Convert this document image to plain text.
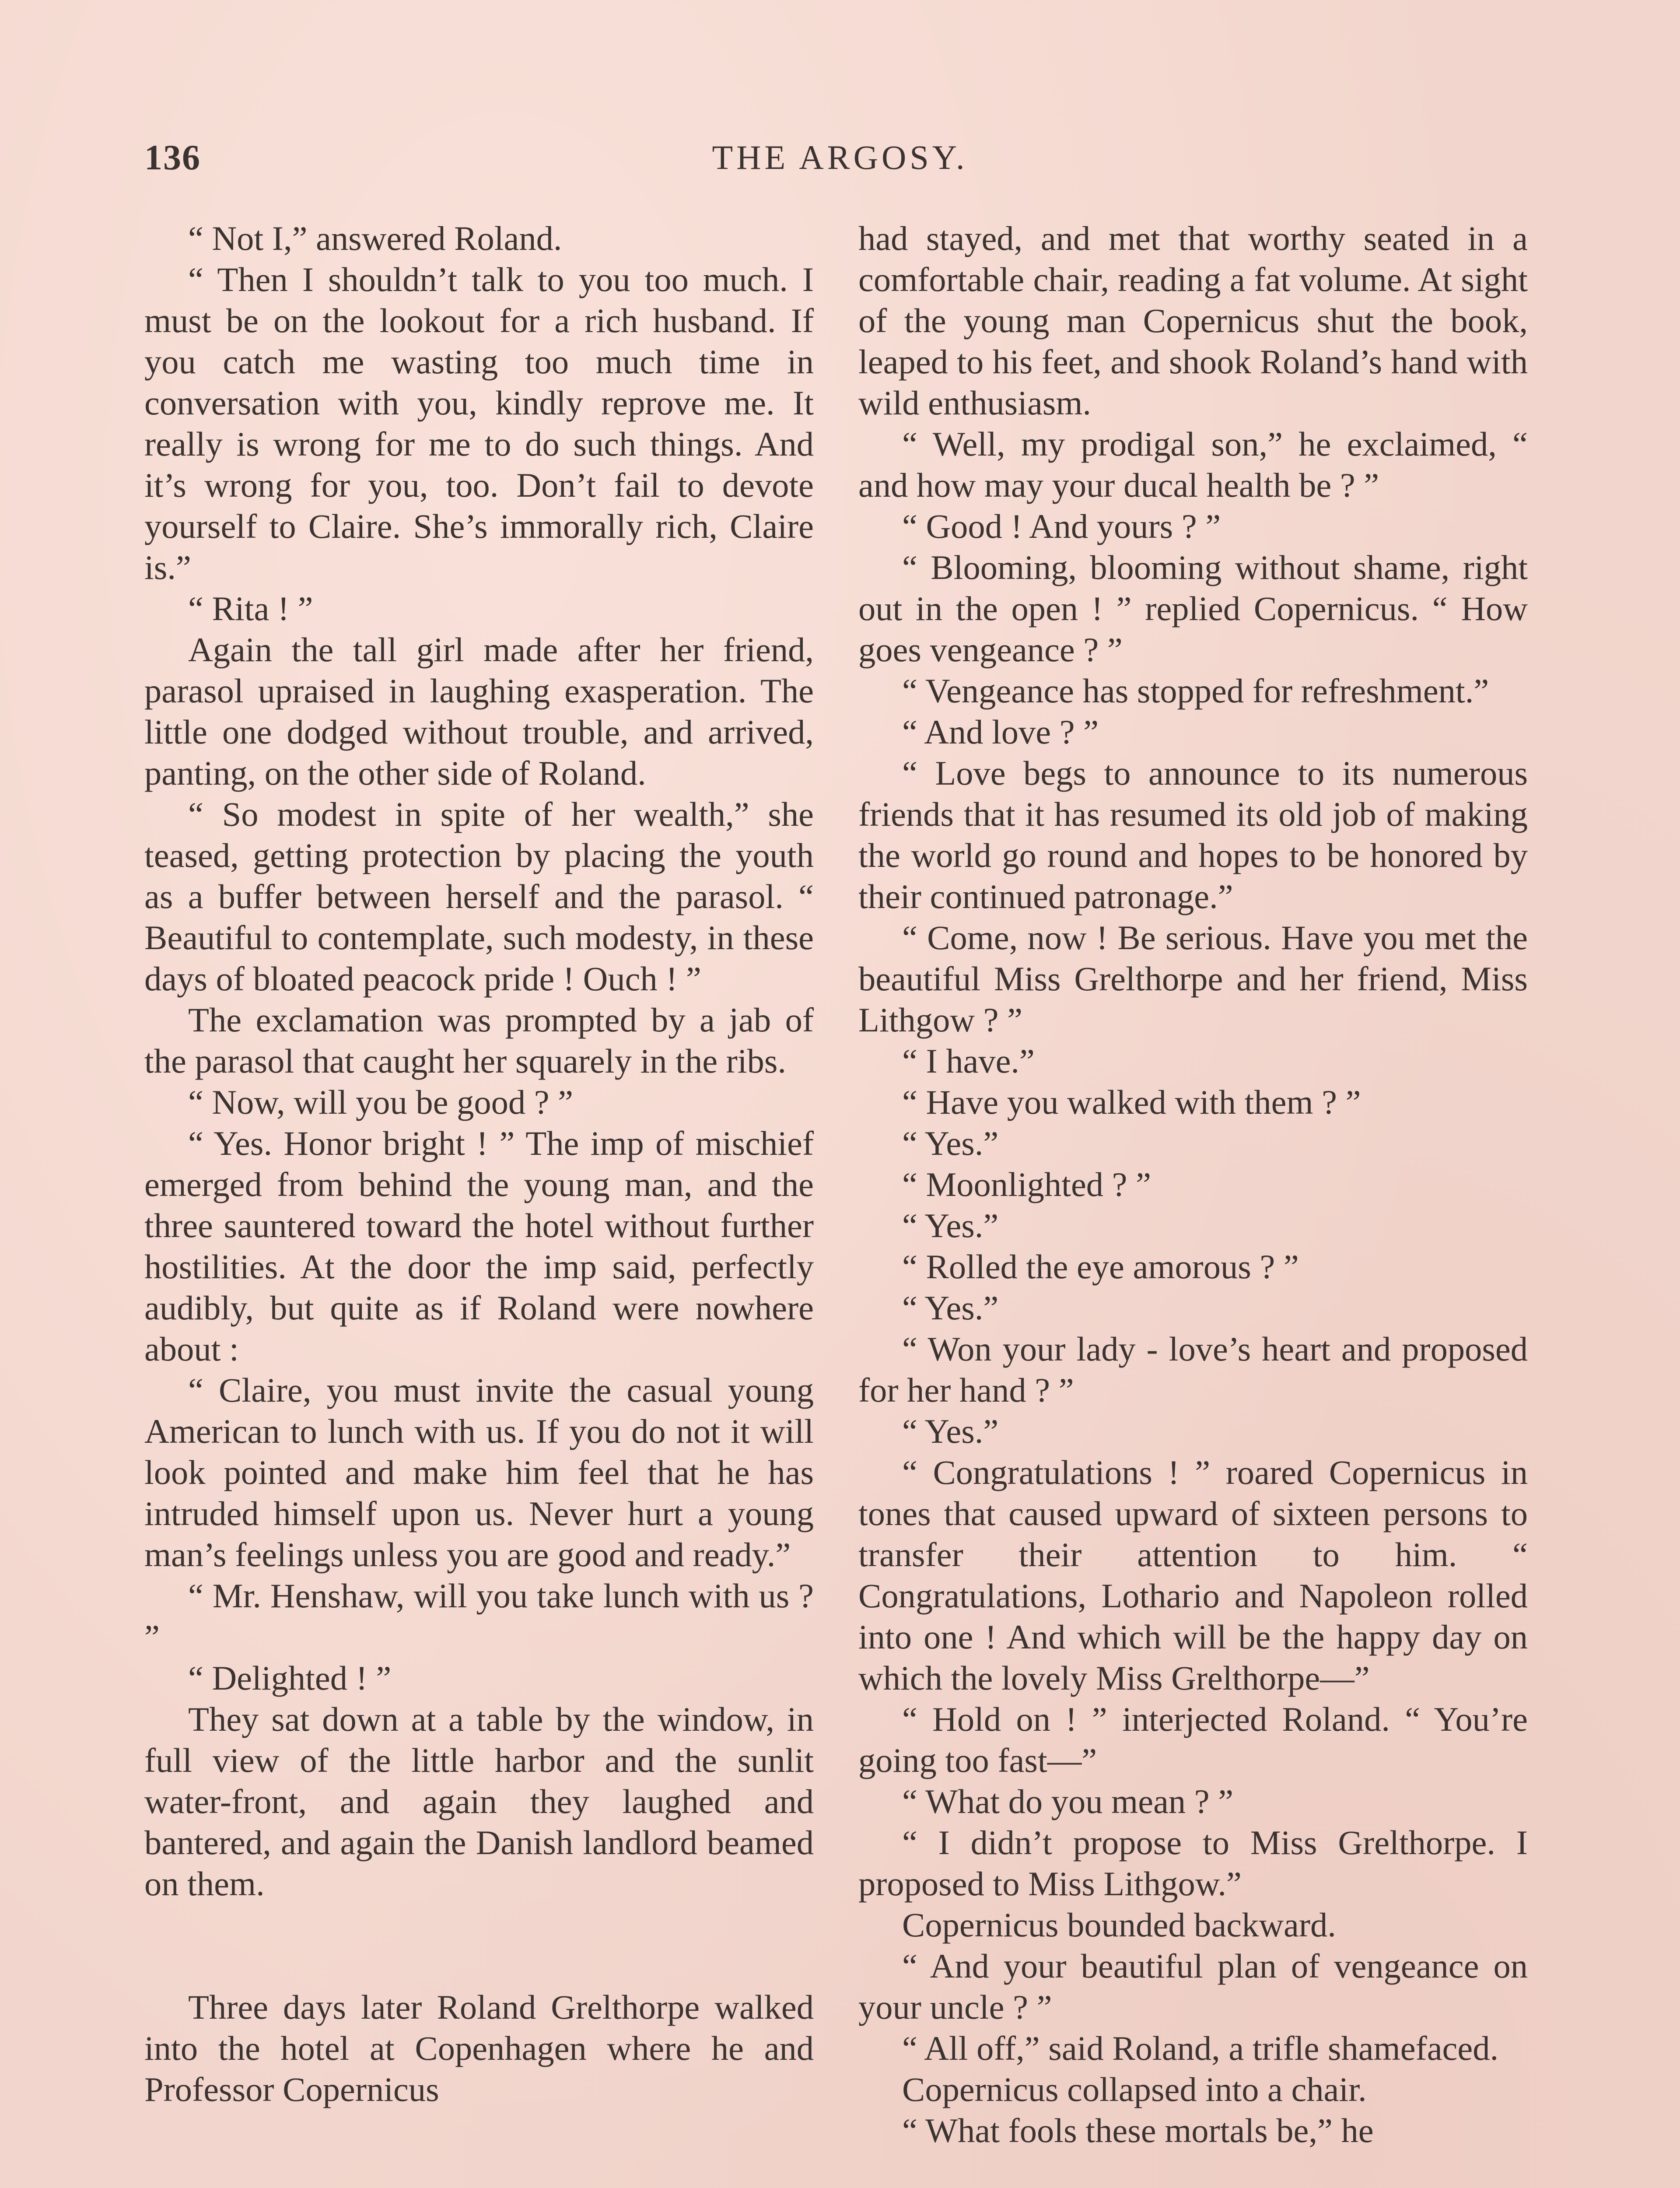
136	THE ARGOSY.

“ Not I,” answered Roland.

“ Then I shouldn’t talk to you too much. I must be on the lookout for a rich husband. If you catch me wasting too much time in conversation with you, kindly reprove me. It really is wrong for me to do such things. And it’s wrong for you, too. Don’t fail to devote yourself to Claire. She’s immorally rich, Claire is.”

“ Rita ! ”

Again the tall girl made after her friend, parasol upraised in laughing exasperation. The little one dodged without trouble, and arrived, panting, on the other side of Roland.

“ So modest in spite of her wealth,” she teased, getting protection by placing the youth as a buffer between herself and the parasol. “ Beautiful to contemplate, such modesty, in these days of bloated peacock pride ! Ouch ! ”

The exclamation was prompted by a jab of the parasol that caught her squarely in the ribs.

“ Now, will you be good ? ”

“ Yes. Honor bright ! ” The imp of mischief emerged from behind the young man, and the three sauntered toward the hotel without further hostilities. At the door the imp said, perfectly audibly, but quite as if Roland were nowhere about :

“ Claire, you must invite the casual young American to lunch with us. If you do not it will look pointed and make him feel that he has intruded himself upon us. Never hurt a young man’s feelings unless you are good and ready.”

“ Mr. Henshaw, will you take lunch with us ? ”

“ Delighted ! ”

They sat down at a table by the window, in full view of the little harbor and the sunlit water-front, and again they laughed and bantered, and again the Danish landlord beamed on them.

Three days later Roland Grelthorpe walked into the hotel at Copenhagen where he and Professor Copernicus

had stayed, and met that worthy seated in a comfortable chair, reading a fat volume. At sight of the young man Copernicus shut the book, leaped to his feet, and shook Roland’s hand with wild enthusiasm.

“ Well, my prodigal son,” he exclaimed, “ and how may your ducal health be ? ”

“ Good ! And yours ? ”

“ Blooming, blooming without shame, right out in the open ! ” replied Copernicus. “ How goes vengeance ? ”

“ Vengeance has stopped for refreshment.”

“ And love ? ”

“ Love begs to announce to its numerous friends that it has resumed its old job of making the world go round and hopes to be honored by their continued patronage.”

“ Come, now ! Be serious. Have you met the beautiful Miss Grelthorpe and her friend, Miss Lithgow ? ”

“ I have.”

“ Have you walked with them ? ”

“ Yes.”

“ Moonlighted ? ”

“ Yes.”

“ Rolled the eye amorous ? ”

“ Yes.”

“ Won your lady - love’s heart and proposed for her hand ? ”

“ Yes.”

“ Congratulations ! ” roared Copernicus in tones that caused upward of sixteen persons to transfer their attention to him. “ Congratulations, Lothario and Napoleon rolled into one ! And which will be the happy day on which the lovely Miss Grelthorpe—”

“ Hold on ! ” interjected Roland. “ You’re going too fast—”

“ What do you mean ? ”

“ I didn’t propose to Miss Grelthorpe. I proposed to Miss Lithgow.”

Copernicus bounded backward.

“ And your beautiful plan of vengeance on your uncle ? ”

“ All off,” said Roland, a trifle shamefaced.

Copernicus collapsed into a chair.

“ What fools these mortals be,” he
